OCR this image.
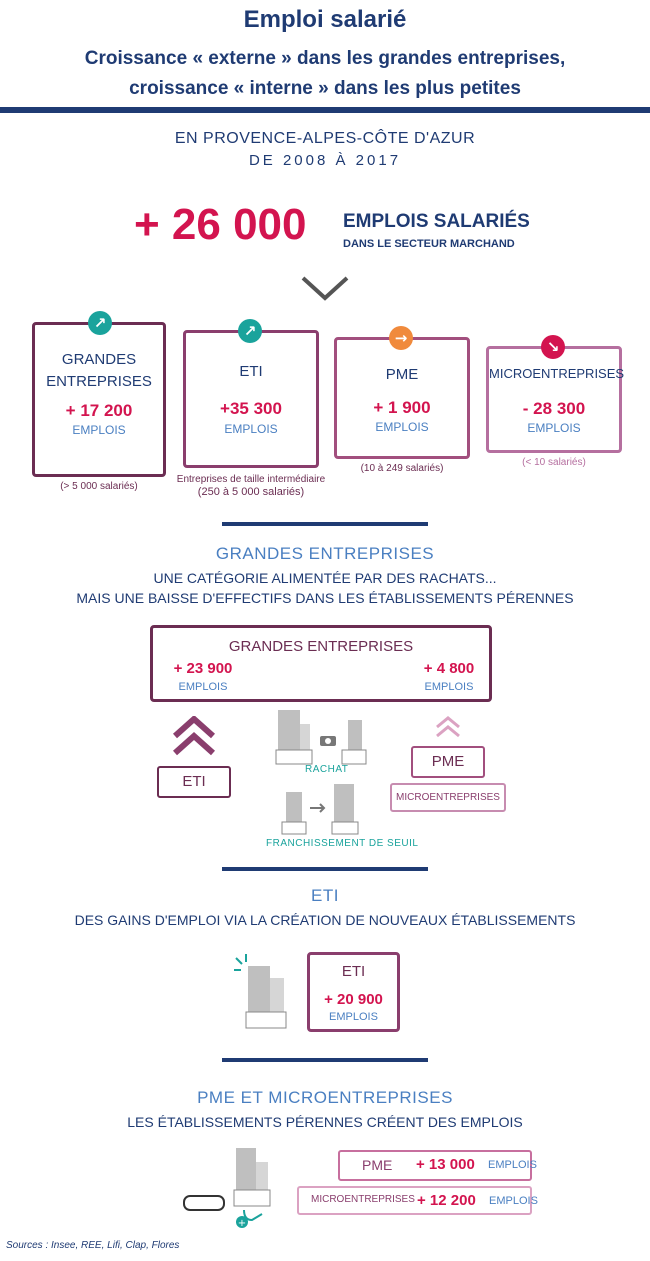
Emploi salarié
Croissance « externe » dans les grandes entreprises,
croissance « interne » dans les plus petites
EN PROVENCE-ALPES-CÔTE D'AZUR
DE 2008 À 2017
+ 26 000 EMPLOIS SALARIÉS
DANS LE SECTEUR MARCHAND
GRANDES ENTREPRISES
+ 17 200
EMPLOIS
↗
(> 5 000 salariés)
ETI
+35 300
EMPLOIS
↗
Entreprises de taille intermédiaire
(250 à 5 000 salariés)
PME
+ 1 900
EMPLOIS
→
(10 à 249 salariés)
MICROENTREPRISES
- 28 300
EMPLOIS
↘
(< 10 salariés)
GRANDES ENTREPRISES
UNE CATÉGORIE ALIMENTÉE PAR DES RACHATS...
MAIS UNE BAISSE D'EFFECTIFS DANS LES ÉTABLISSEMENTS PÉRENNES
GRANDES ENTREPRISES
+ 23 900
EMPLOIS
+ 4 800
EMPLOIS
ETI
PME
MICROENTREPRISES
RACHAT
FRANCHISSEMENT DE SEUIL
ETI
DES GAINS D'EMPLOI VIA LA CRÉATION DE NOUVEAUX ÉTABLISSEMENTS
ETI
+ 20 900
EMPLOIS
PME ET MICROENTREPRISES
LES ÉTABLISSEMENTS PÉRENNES CRÉENT DES EMPLOIS
+
PME + 13 000 EMPLOIS
MICROENTREPRISES + 12 200 EMPLOIS
Sources : Insee, REE, Lifi, Clap, Flores
